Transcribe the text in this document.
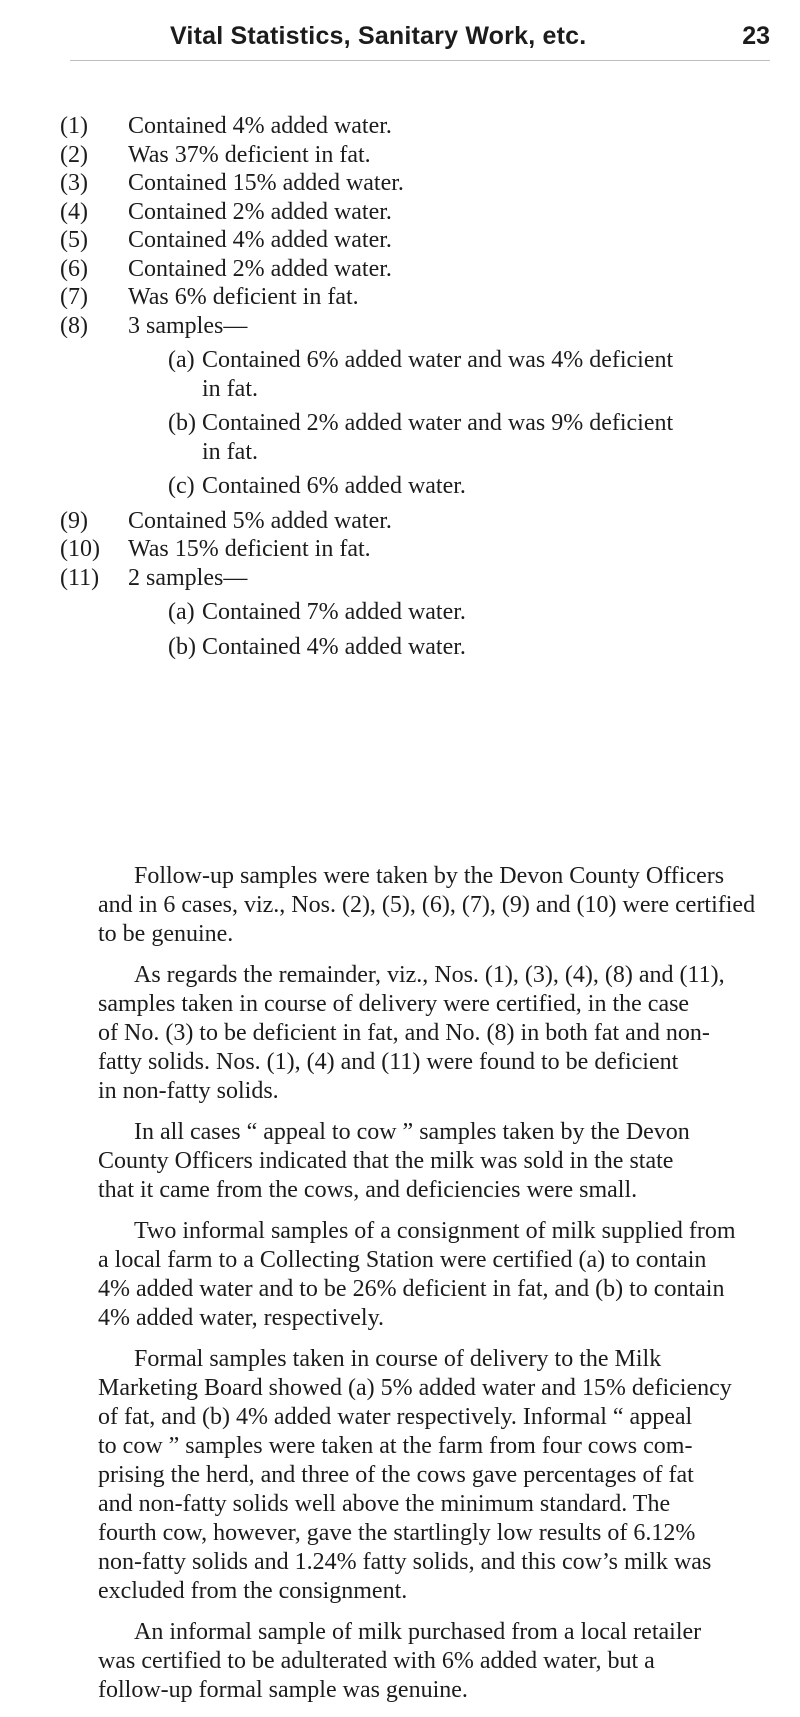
Vital Statistics, Sanitary Work, etc.	23
(1)	Contained 4% added water.
(2)	Was 37% deficient in fat.
(3)	Contained 15% added water.
(4)	Contained 2% added water.
(5)	Contained 4% added water.
(6)	Contained 2% added water.
(7)	Was 6% deficient in fat.
(8)	3 samples—
(a) Contained 6% added water and was 4% deficient
in fat.
(b) Contained 2% added water and was 9% deficient
in fat.
(c) Contained 6% added water.
(9)	Contained 5% added water.
(10)	Was 15% deficient in fat.
(11)	2 samples—
(a) Contained 7% added water.
(b) Contained 4% added water.

Follow-up samples were taken by the Devon County Officers
and in 6 cases, viz., Nos. (2), (5), (6), (7), (9) and (10) were certified
to be genuine.

As regards the remainder, viz., Nos. (1), (3), (4), (8) and (11),
samples taken in course of delivery were certified, in the case
of No. (3) to be deficient in fat, and No. (8) in both fat and non-
fatty solids. Nos. (1), (4) and (11) were found to be deficient
in non-fatty solids.

In all cases “ appeal to cow ” samples taken by the Devon
County Officers indicated that the milk was sold in the state
that it came from the cows, and deficiencies were small.

Two informal samples of a consignment of milk supplied from
a local farm to a Collecting Station were certified (a) to contain
4% added water and to be 26% deficient in fat, and (b) to contain
4% added water, respectively.

Formal samples taken in course of delivery to the Milk
Marketing Board showed (a) 5% added water and 15% deficiency
of fat, and (b) 4% added water respectively. Informal “ appeal
to cow ” samples were taken at the farm from four cows com-
prising the herd, and three of the cows gave percentages of fat
and non-fatty solids well above the minimum standard. The
fourth cow, however, gave the startlingly low results of 6.12%
non-fatty solids and 1.24% fatty solids, and this cow’s milk was
excluded from the consignment.

An informal sample of milk purchased from a local retailer
was certified to be adulterated with 6% added water, but a
follow-up formal sample was genuine.
